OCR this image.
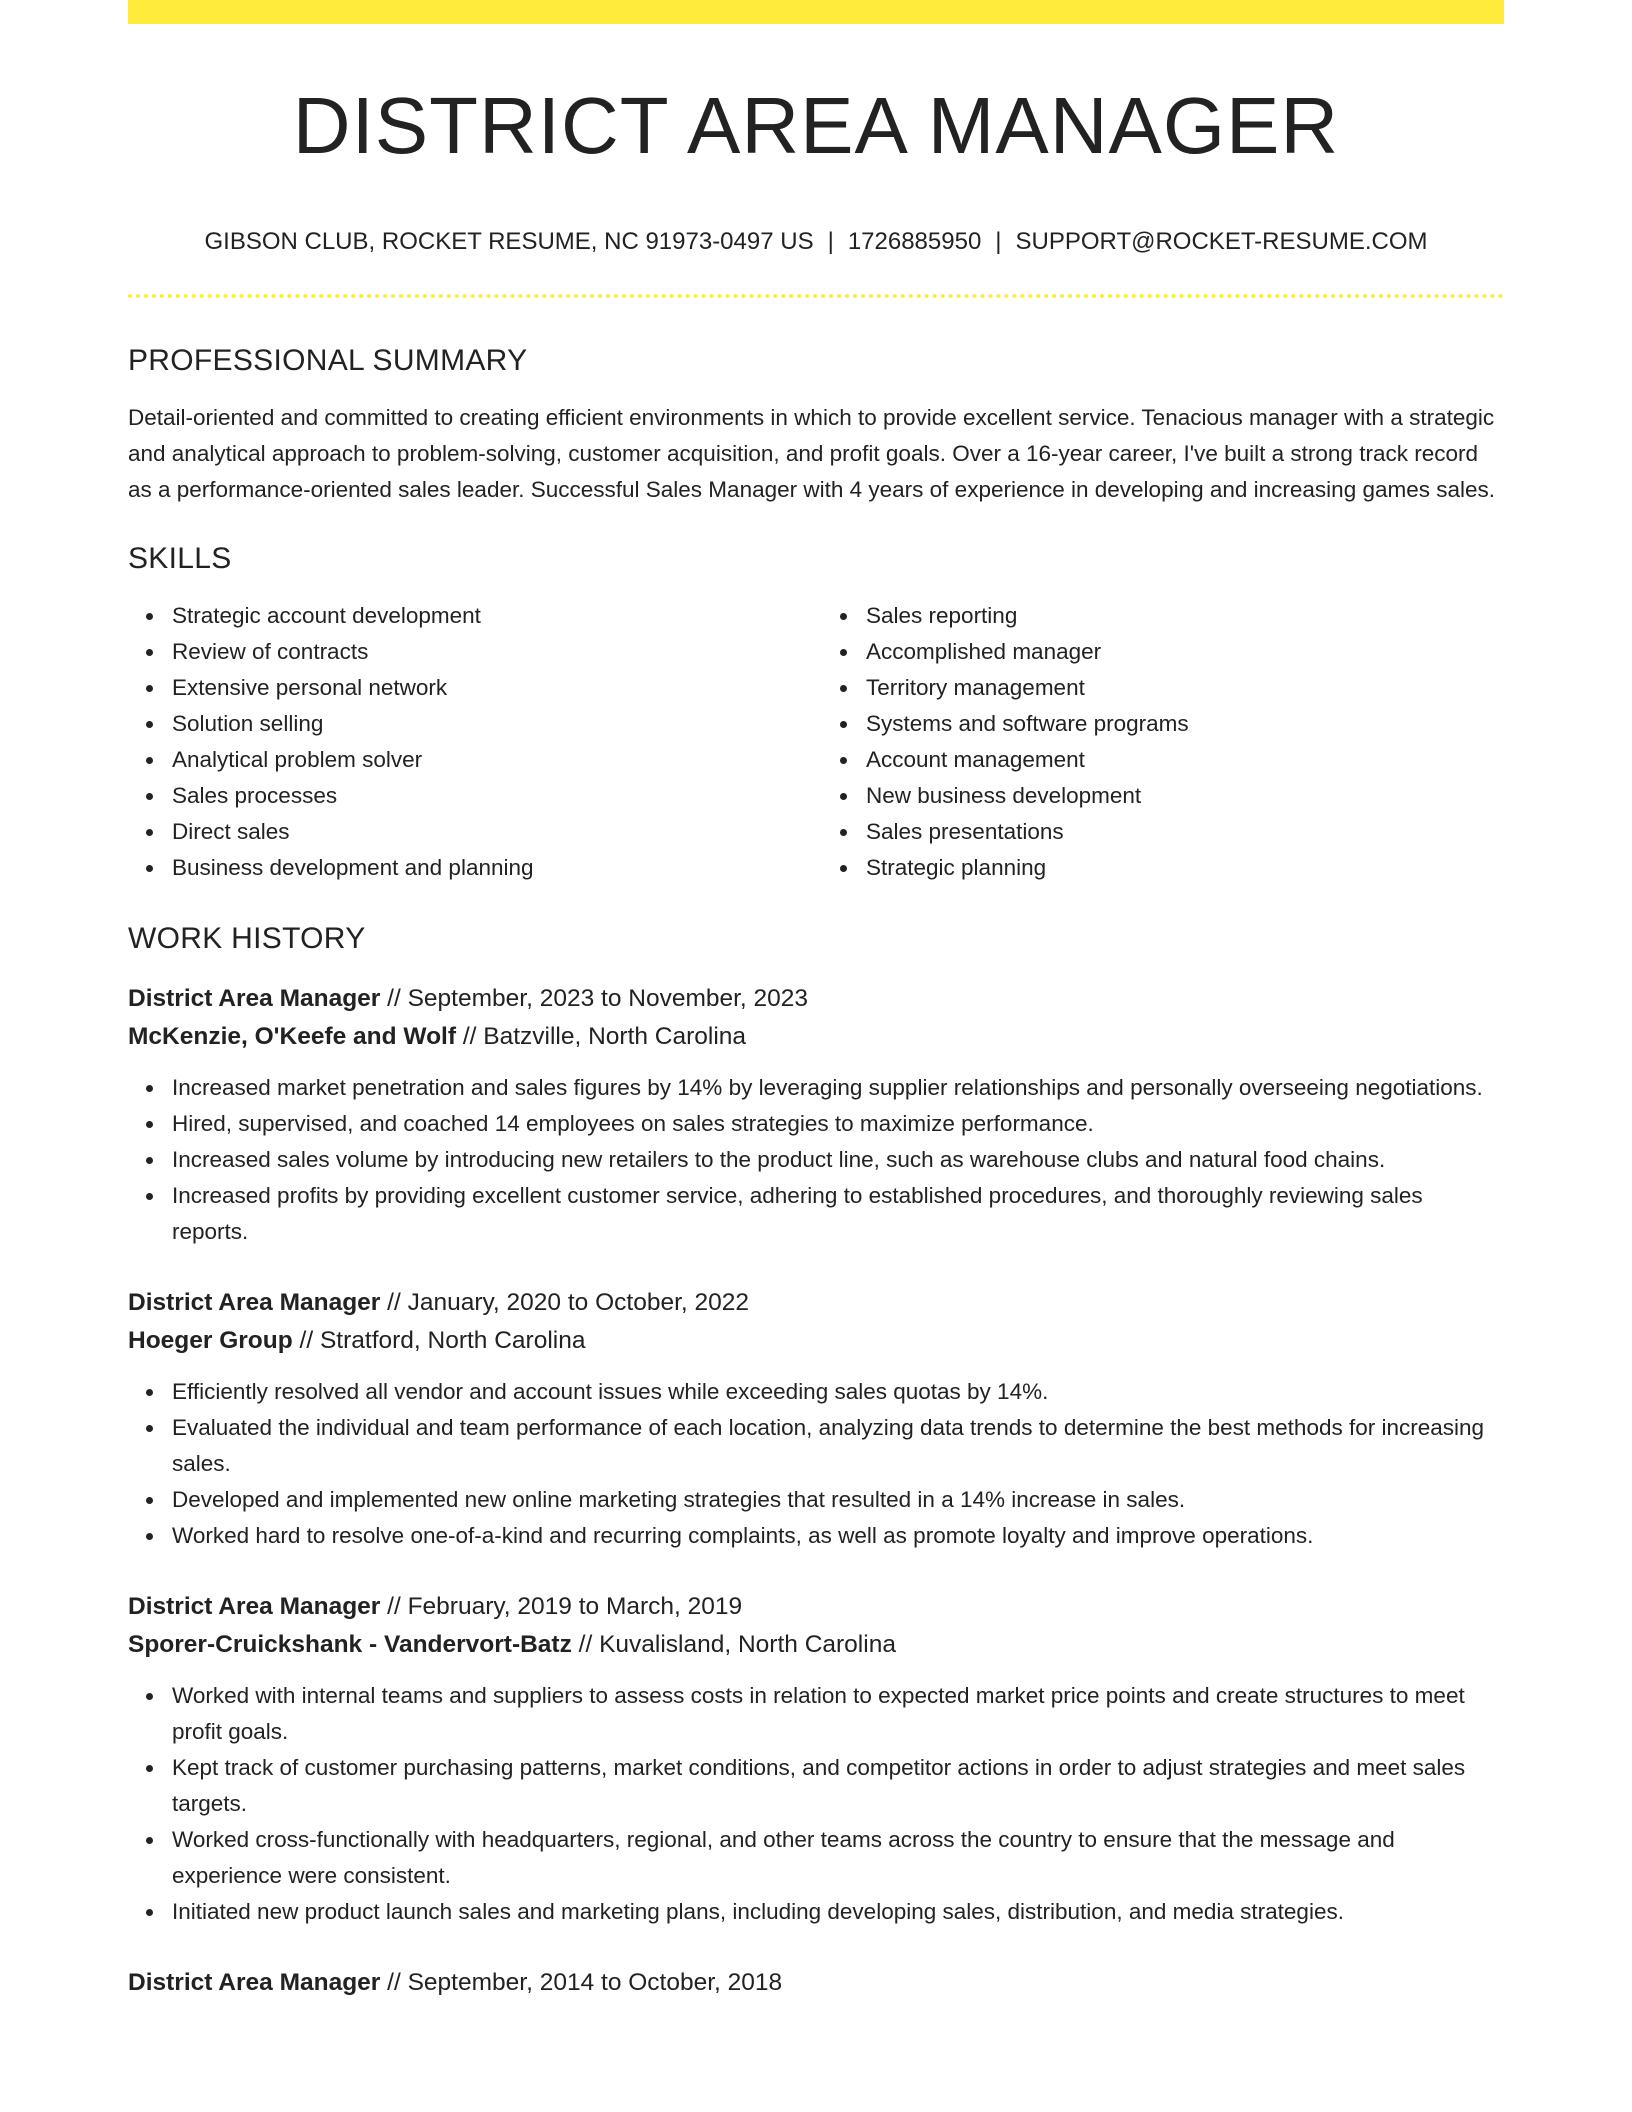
DISTRICT AREA MANAGER
GIBSON CLUB, ROCKET RESUME, NC 91973-0497 US | 1726885950 | SUPPORT@ROCKET-RESUME.COM
PROFESSIONAL SUMMARY

Detail-oriented and committed to creating efficient environments in which to provide excellent service. Tenacious manager with a strategic and analytical approach to problem-solving, customer acquisition, and profit goals. Over a 16-year career, I've built a strong track record as a performance-oriented sales leader. Successful Sales Manager with 4 years of experience in developing and increasing games sales.

SKILLS
Strategic account development
Review of contracts
Extensive personal network
Solution selling
Analytical problem solver
Sales processes
Direct sales
Business development and planning
Sales reporting
Accomplished manager
Territory management
Systems and software programs
Account management
New business development
Sales presentations
Strategic planning
WORK HISTORY
District Area Manager // September, 2023 to November, 2023
McKenzie, O'Keefe and Wolf // Batzville, North Carolina
Increased market penetration and sales figures by 14% by leveraging supplier relationships and personally overseeing negotiations.
Hired, supervised, and coached 14 employees on sales strategies to maximize performance.
Increased sales volume by introducing new retailers to the product line, such as warehouse clubs and natural food chains.
Increased profits by providing excellent customer service, adhering to established procedures, and thoroughly reviewing sales reports.
District Area Manager // January, 2020 to October, 2022
Hoeger Group // Stratford, North Carolina
Efficiently resolved all vendor and account issues while exceeding sales quotas by 14%.
Evaluated the individual and team performance of each location, analyzing data trends to determine the best methods for increasing sales.
Developed and implemented new online marketing strategies that resulted in a 14% increase in sales.
Worked hard to resolve one-of-a-kind and recurring complaints, as well as promote loyalty and improve operations.
District Area Manager // February, 2019 to March, 2019
Sporer-Cruickshank - Vandervort-Batz // Kuvalisland, North Carolina
Worked with internal teams and suppliers to assess costs in relation to expected market price points and create structures to meet profit goals.
Kept track of customer purchasing patterns, market conditions, and competitor actions in order to adjust strategies and meet sales targets.
Worked cross-functionally with headquarters, regional, and other teams across the country to ensure that the message and experience were consistent.
Initiated new product launch sales and marketing plans, including developing sales, distribution, and media strategies.
District Area Manager // September, 2014 to October, 2018
